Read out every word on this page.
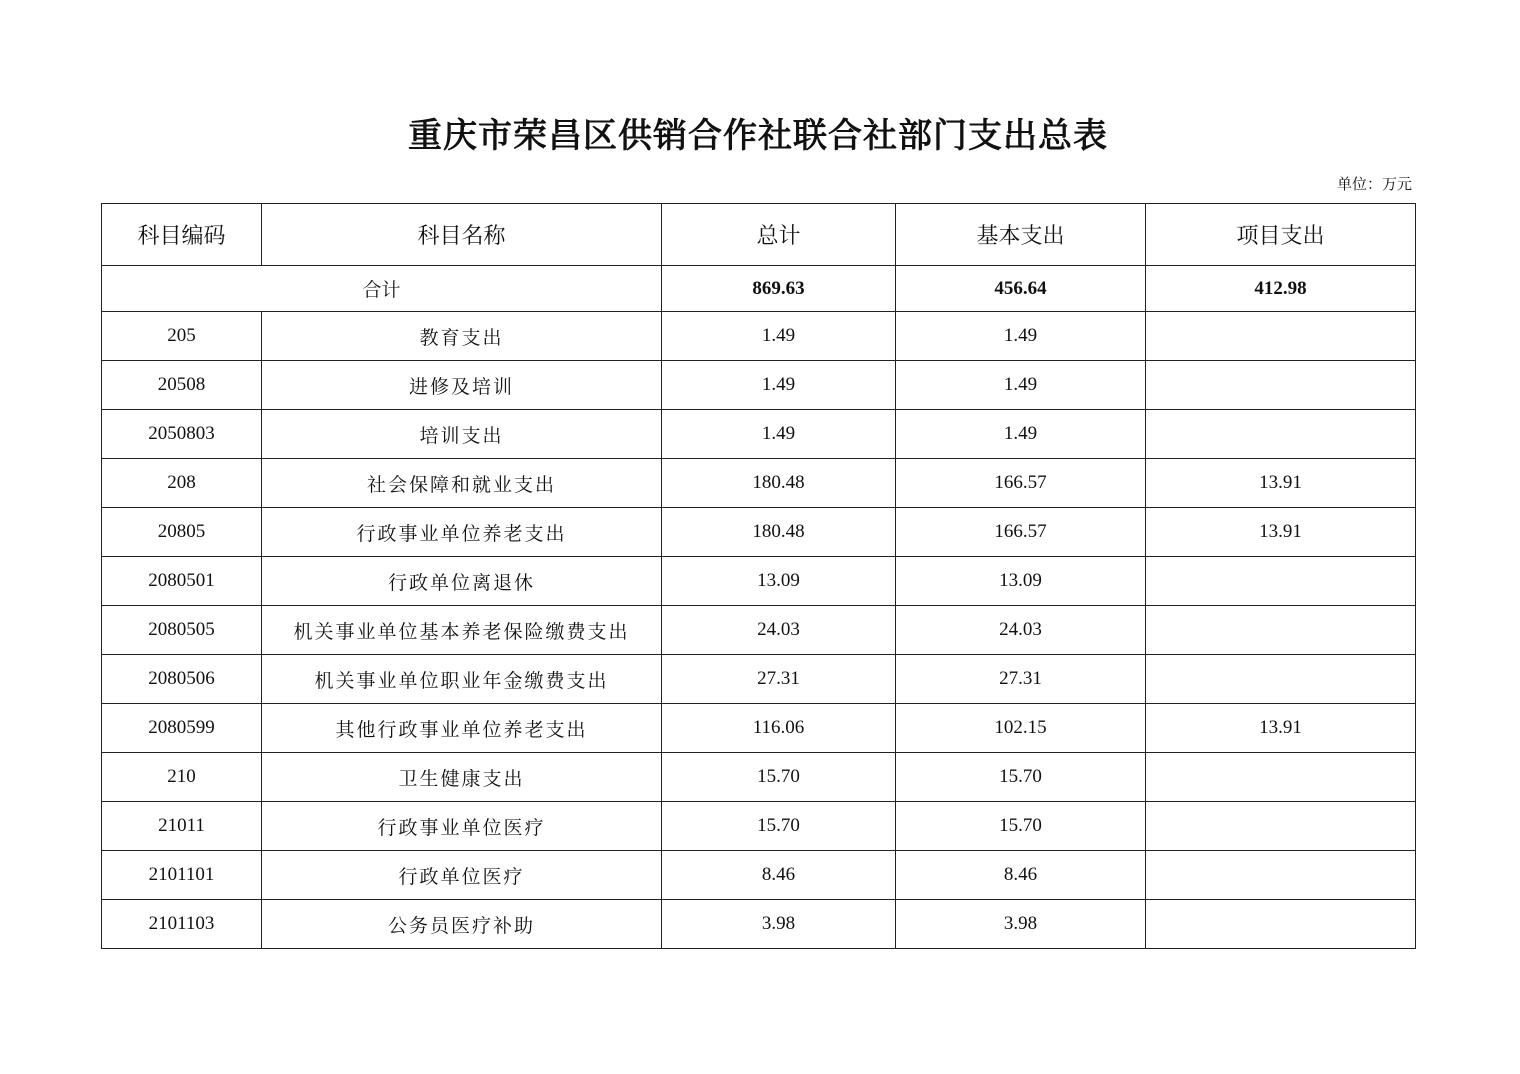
重庆市荣昌区供销合作社联合社部门支出总表
单位：万元
科目编码	科目名称	总计	基本支出	项目支出
合计		869.63	456.64	412.98
205	教育支出	1.49	1.49	
20508	进修及培训	1.49	1.49	
2050803	培训支出	1.49	1.49	
208	社会保障和就业支出	180.48	166.57	13.91
20805	行政事业单位养老支出	180.48	166.57	13.91
2080501	行政单位离退休	13.09	13.09	
2080505	机关事业单位基本养老保险缴费支出	24.03	24.03	
2080506	机关事业单位职业年金缴费支出	27.31	27.31	
2080599	其他行政事业单位养老支出	116.06	102.15	13.91
210	卫生健康支出	15.70	15.70	
21011	行政事业单位医疗	15.70	15.70	
2101101	行政单位医疗	8.46	8.46	
2101103	公务员医疗补助	3.98	3.98	
